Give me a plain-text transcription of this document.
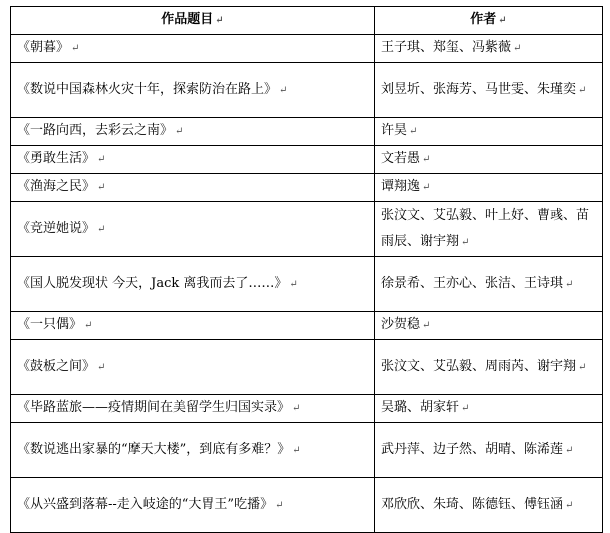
作品题目 ↵	作者 ↵
《朝暮》 ↵	王子琪、郑玺、冯紫薇 ↵
《数说中国森林火灾十年，探索防治在路上》 ↵	刘昱圻、张海芳、马世雯、朱瑾奕 ↵
《一路向西，去彩云之南》 ↵	许昊 ↵
《勇敢生活》 ↵	文若愚 ↵
《渔海之民》 ↵	谭翔逸 ↵
《竞逆她说》 ↵	张汶文、艾弘毅、叶上妤、曹彧、苗雨辰、谢宇翔 ↵
《国人脱发现状 今天，Jack 离我而去了……》 ↵	徐景希、王亦心、张洁、王诗琪 ↵
《一只偶》 ↵	沙贺稳 ↵
《鼓板之间》 ↵	张汶文、艾弘毅、周雨芮、谢宇翔 ↵
《毕路蓝旅——疫情期间在美留学生归国实录》 ↵	吴璐、胡家轩 ↵
《数说逃出家暴的“摩天大楼”，到底有多难？》 ↵	武丹萍、边子然、胡晴、陈浠莲 ↵
《从兴盛到落幕--走入岐途的“大胃王”吃播》 ↵	邓欣欣、朱琦、陈德钰、傅钰涵 ↵
